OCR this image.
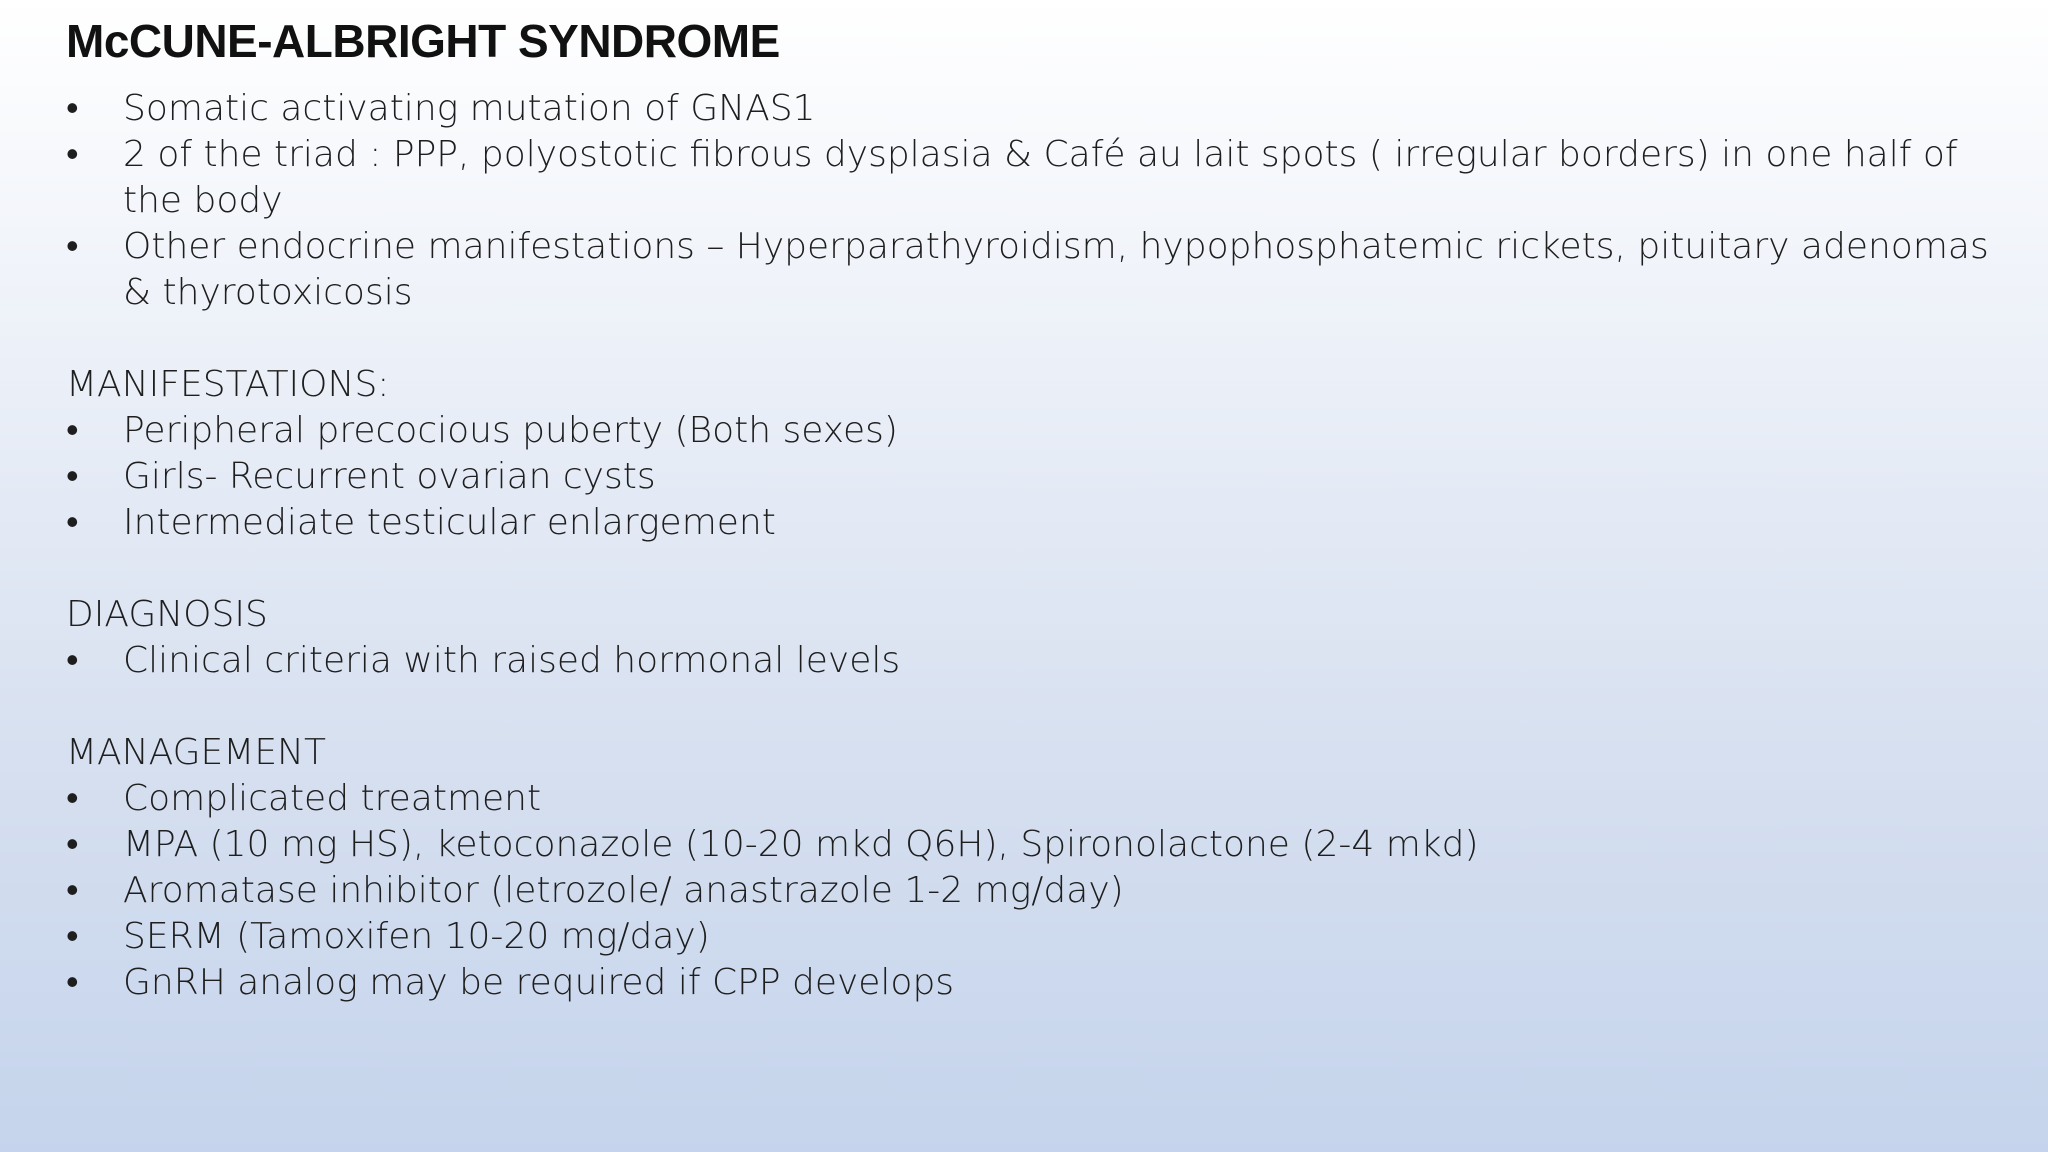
McCUNE-ALBRIGHT SYNDROME
• Somatic activating mutation of GNAS1
• 2 of the triad : PPP, polyostotic fibrous dysplasia & Café au lait spots ( irregular borders) in one half of the body
• Other endocrine manifestations – Hyperparathyroidism, hypophosphatemic rickets, pituitary adenomas & thyrotoxicosis

MANIFESTATIONS:

• Peripheral precocious puberty (Both sexes)
• Girls- Recurrent ovarian cysts
• Intermediate testicular enlargement

DIAGNOSIS

• Clinical criteria with raised hormonal levels

MANAGEMENT

• Complicated treatment
• MPA (10 mg HS), ketoconazole (10-20 mkd Q6H), Spironolactone (2-4 mkd)
• Aromatase inhibitor (letrozole/ anastrazole 1-2 mg/day)
• SERM (Tamoxifen 10-20 mg/day)
• GnRH analog may be required if CPP develops
